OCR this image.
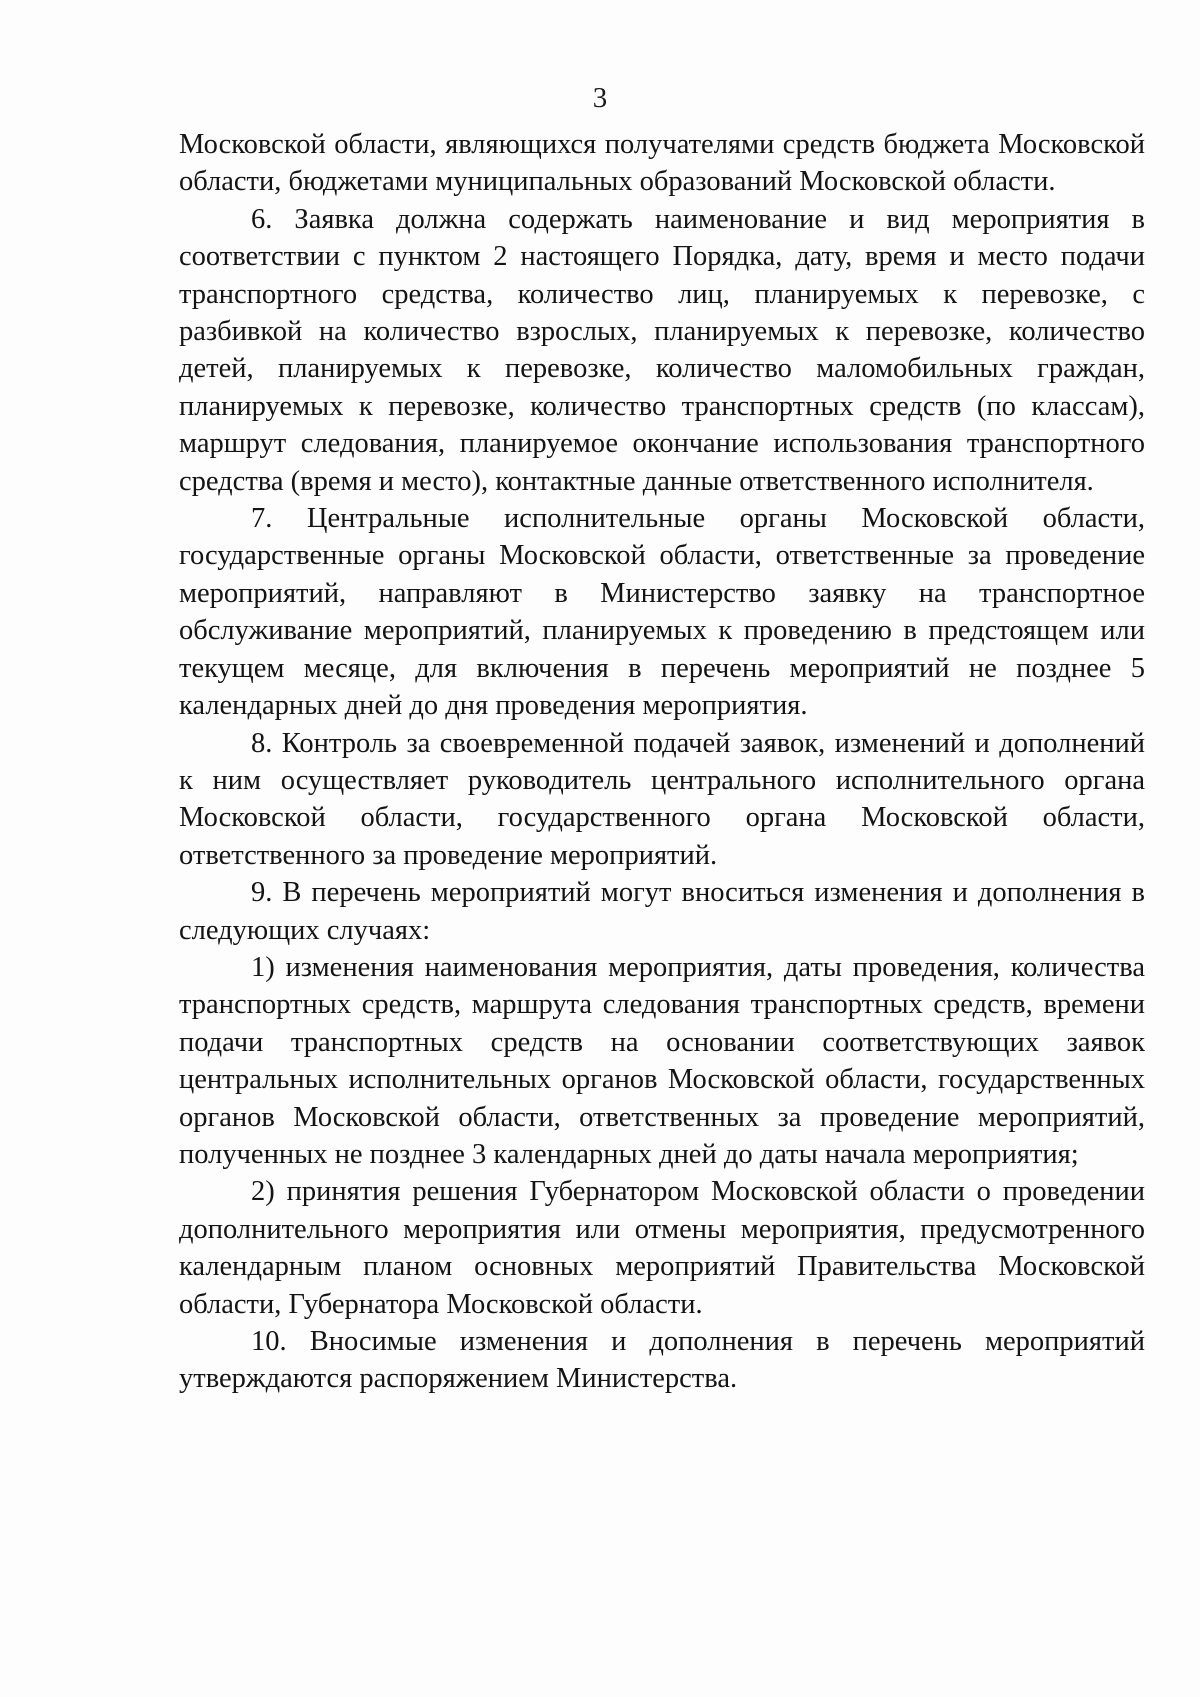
3

Московской области, являющихся получателями средств бюджета Московской области, бюджетами муниципальных образований Московской области.

6. Заявка должна содержать наименование и вид мероприятия в соответствии с пунктом 2 настоящего Порядка, дату, время и место подачи транспортного средства, количество лиц, планируемых к перевозке, с разбивкой на количество взрослых, планируемых к перевозке, количество детей, планируемых к перевозке, количество маломобильных граждан, планируемых к перевозке, количество транспортных средств (по классам), маршрут следования, планируемое окончание использования транспортного средства (время и место), контактные данные ответственного исполнителя.

7. Центральные исполнительные органы Московской области, государственные органы Московской области, ответственные за проведение мероприятий, направляют в Министерство заявку на транспортное обслуживание мероприятий, планируемых к проведению в предстоящем или текущем месяце, для включения в перечень мероприятий не позднее 5 календарных дней до дня проведения мероприятия.

8. Контроль за своевременной подачей заявок, изменений и дополнений к ним осуществляет руководитель центрального исполнительного органа Московской области, государственного органа Московской области, ответственного за проведение мероприятий.

9. В перечень мероприятий могут вноситься изменения и дополнения в следующих случаях:

1) изменения наименования мероприятия, даты проведения, количества транспортных средств, маршрута следования транспортных средств, времени подачи транспортных средств на основании соответствующих заявок центральных исполнительных органов Московской области, государственных органов Московской области, ответственных за проведение мероприятий, полученных не позднее 3 календарных дней до даты начала мероприятия;

2) принятия решения Губернатором Московской области о проведении дополнительного мероприятия или отмены мероприятия, предусмотренного календарным планом основных мероприятий Правительства Московской области, Губернатора Московской области.

10. Вносимые изменения и дополнения в перечень мероприятий утверждаются распоряжением Министерства.
